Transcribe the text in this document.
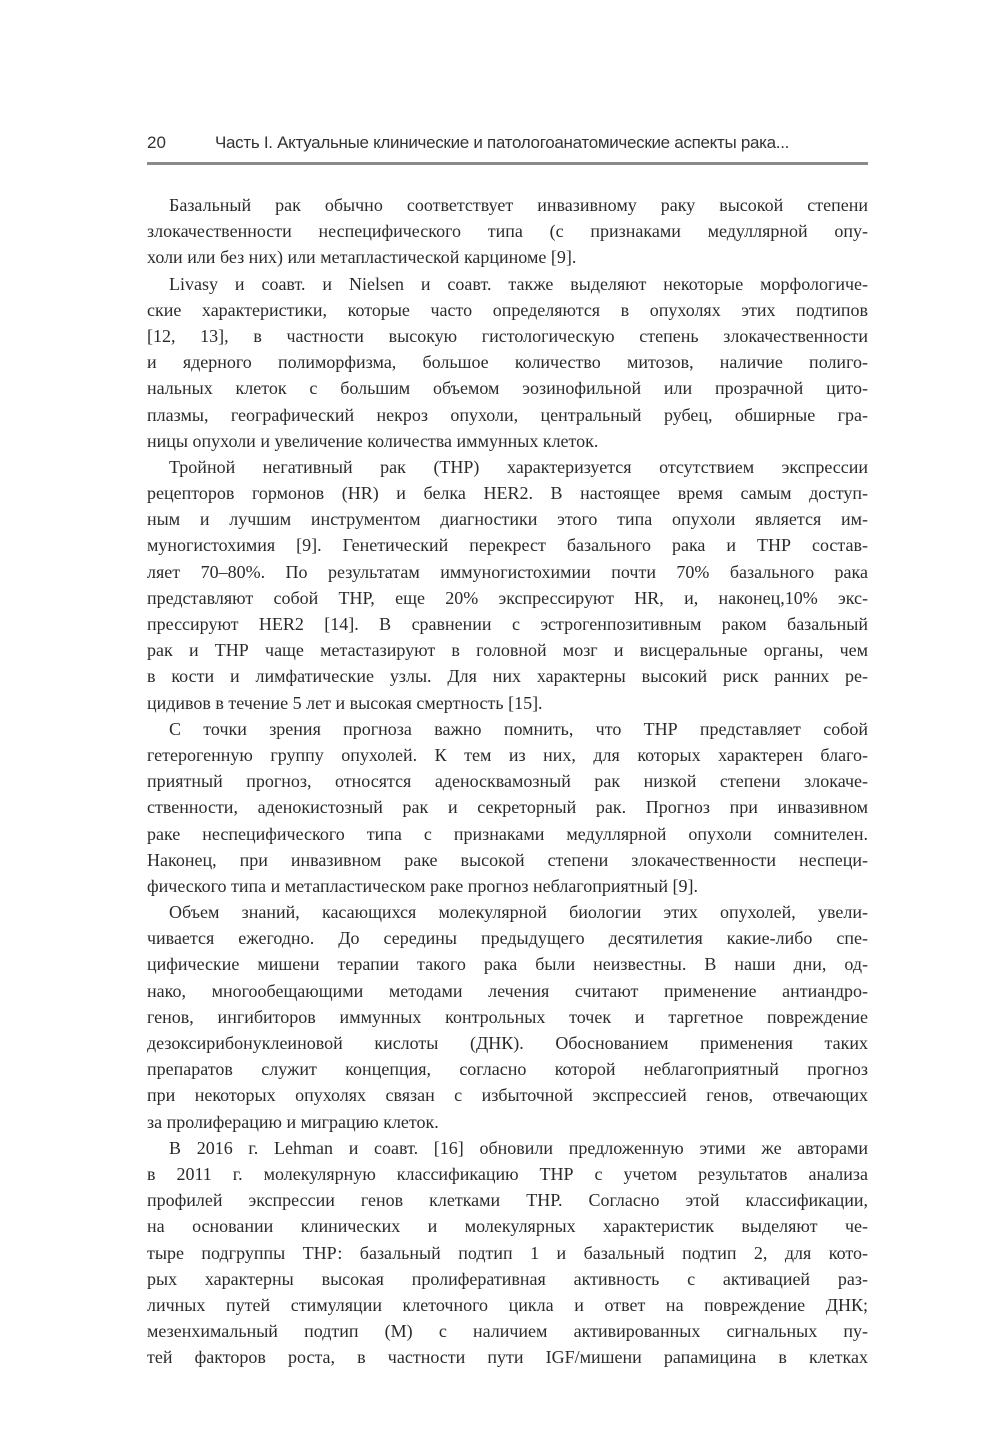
20	Часть I. Актуальные клинические и патологоанатомические аспекты рака...
Базальный рак обычно соответствует инвазивному раку высокой степени
злокачественности неспецифического типа (с признаками медуллярной опу-
холи или без них) или метапластической карциноме [9].
Livasy и соавт. и Nielsen и соавт. также выделяют некоторые морфологиче-
ские характеристики, которые часто определяются в опухолях этих подтипов
[12, 13], в частности высокую гистологическую степень злокачественности
и ядерного полиморфизма, большое количество митозов, наличие полиго-
нальных клеток с большим объемом эозинофильной или прозрачной цито-
плазмы, географический некроз опухоли, центральный рубец, обширные гра-
ницы опухоли и увеличение количества иммунных клеток.
Тройной негативный рак (ТНР) характеризуется отсутствием экспрессии
рецепторов гормонов (HR) и белка HER2. В настоящее время самым доступ-
ным и лучшим инструментом диагностики этого типа опухоли является им-
муногистохимия [9]. Генетический перекрест базального рака и ТНР состав-
ляет 70–80%. По результатам иммуногистохимии почти 70% базального рака
представляют собой ТНР, еще 20% экспрессируют HR, и, наконец,10% экс-
прессируют HER2 [14]. В сравнении с эстрогенпозитивным раком базальный
рак и ТНР чаще метастазируют в головной мозг и висцеральные органы, чем
в кости и лимфатические узлы. Для них характерны высокий риск ранних ре-
цидивов в течение 5 лет и высокая смертность [15].
С точки зрения прогноза важно помнить, что ТНР представляет собой
гетерогенную группу опухолей. К тем из них, для которых характерен благо-
приятный прогноз, относятся аденосквамозный рак низкой степени злокаче-
ственности, аденокистозный рак и секреторный рак. Прогноз при инвазивном
раке неспецифического типа с признаками медуллярной опухоли сомнителен.
Наконец, при инвазивном раке высокой степени злокачественности неспеци-
фического типа и метапластическом раке прогноз неблагоприятный [9].
Объем знаний, касающихся молекулярной биологии этих опухолей, увели-
чивается ежегодно. До середины предыдущего десятилетия какие-либо спе-
цифические мишени терапии такого рака были неизвестны. В наши дни, од-
нако, многообещающими методами лечения считают применение антиандро-
генов, ингибиторов иммунных контрольных точек и таргетное повреждение
дезоксирибонуклеиновой кислоты (ДНК). Обоснованием применения таких
препаратов служит концепция, согласно которой неблагоприятный прогноз
при некоторых опухолях связан с избыточной экспрессией генов, отвечающих
за пролиферацию и миграцию клеток.
В 2016 г. Lehman и соавт. [16] обновили предложенную этими же авторами
в 2011 г. молекулярную классификацию ТНР с учетом результатов анализа
профилей экспрессии генов клетками ТНР. Согласно этой классификации,
на основании клинических и молекулярных характеристик выделяют че-
тыре подгруппы ТНР: базальный подтип 1 и базальный подтип 2, для кото-
рых характерны высокая пролиферативная активность с активацией раз-
личных путей стимуляции клеточного цикла и ответ на повреждение ДНК;
мезенхимальный подтип (М) с наличием активированных сигнальных пу-
тей факторов роста, в частности пути IGF/мишени рапамицина в клетках
